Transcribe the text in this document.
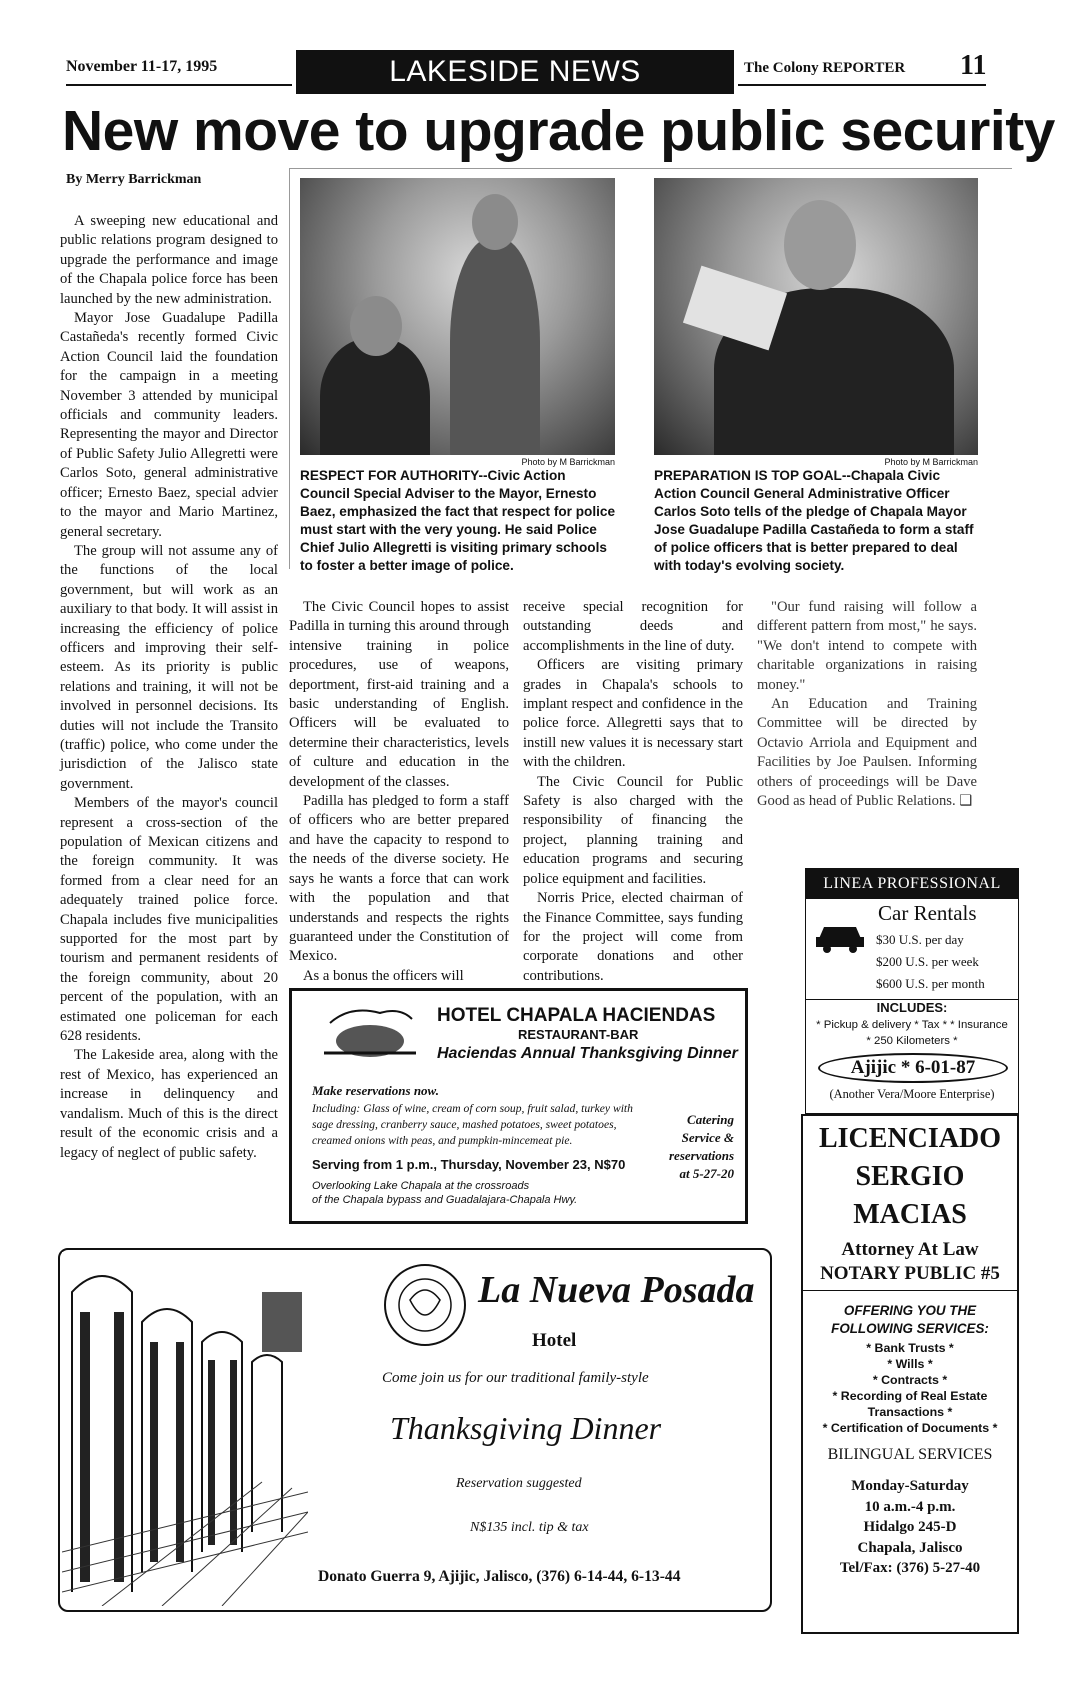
November 11-17, 1995	LAKESIDE NEWS	The Colony REPORTER 11
New move to upgrade public security
By Merry Barrickman

A sweeping new educational and public relations program designed to upgrade the performance and image of the Chapala police force has been launched by the new administration.

Mayor Jose Guadalupe Padilla Castañeda's recently formed Civic Action Council laid the foundation for the campaign in a meeting November 3 attended by municipal officials and community leaders. Representing the mayor and Director of Public Safety Julio Allegretti were Carlos Soto, general administrative officer; Ernesto Baez, special advier to the mayor and Mario Martinez, general secretary.

The group will not assume any of the functions of the local government, but will work as an auxiliary to that body. It will assist in increasing the efficiency of police officers and improving their self-esteem. As its priority is public relations and training, it will not be involved in personnel decisions. Its duties will not include the Transito (traffic) police, who come under the jurisdiction of the Jalisco state government.

Members of the mayor's council represent a cross-section of the population of Mexican citizens and the foreign community. It was formed from a clear need for an adequately trained police force. Chapala includes five municipalities supported for the most part by tourism and permanent residents of the foreign community, about 20 percent of the population, with an estimated one policeman for each 628 residents.

The Lakeside area, along with the rest of Mexico, has experienced an increase in delinquency and vandalism. Much of this is the direct result of the economic crisis and a legacy of neglect of public safety.

Photo by M Barrickman
RESPECT FOR AUTHORITY--Civic Action Council Special Adviser to the Mayor, Ernesto Baez, emphasized the fact that respect for police must start with the very young. He said Police Chief Julio Allegretti is visiting primary schools to foster a better image of police.
Photo by M Barrickman
PREPARATION IS TOP GOAL--Chapala Civic Action Council General Administrative Officer Carlos Soto tells of the pledge of Chapala Mayor Jose Guadalupe Padilla Castañeda to form a staff of police officers that is better prepared to deal with today's evolving society.

The Civic Council hopes to assist Padilla in turning this around through intensive training in police procedures, use of weapons, deportment, first-aid training and a basic understanding of English. Officers will be evaluated to determine their characteristics, levels of culture and education in the development of the classes.

Padilla has pledged to form a staff of officers who are better prepared and have the capacity to respond to the needs of the diverse society. He says he wants a force that can work with the population and that understands and respects the rights guaranteed under the Constitution of Mexico.

As a bonus the officers will

receive special recognition for outstanding deeds and accomplishments in the line of duty.

Officers are visiting primary grades in Chapala's schools to implant respect and confidence in the police force. Allegretti says that to instill new values it is necessary start with the children.

The Civic Council for Public Safety is also charged with the responsibility of financing the project, planning training and education programs and securing police equipment and facilities.

Norris Price, elected chairman of the Finance Committee, says funding for the project will come from corporate donations and other contributions.

"Our fund raising will follow a different pattern from most," he says. "We don't intend to compete with charitable organizations in raising money."

An Education and Training Committee will be directed by Octavio Arriola and Equipment and Facilities by Joe Paulsen. Informing others of proceedings will be Dave Good as head of Public Relations. ❑

HOTEL CHAPALA HACIENDAS
RESTAURANT-BAR
Haciendas Annual Thanksgiving Dinner
Make reservations now.
Including: Glass of wine, cream of corn soup, fruit salad, turkey with sage dressing, cranberry sauce, mashed potatoes, sweet potatoes, creamed onions with peas, and pumpkin-mincemeat pie.
Serving from 1 p.m., Thursday, November 23, N$70
Overlooking Lake Chapala at the crossroads
of the Chapala bypass and Guadalajara-Chapala Hwy.
Catering Service & reservations at 5-27-20
LINEA PROFESSIONAL
Car Rentals
$30 U.S. per day
$200 U.S. per week
$600 U.S. per month
INCLUDES:
* Pickup & delivery * Tax * * Insurance * 250 Kilometers *
Ajijic * 6-01-87
(Another Vera/Moore Enterprise)
LICENCIADO
SERGIO
MACIAS
Attorney At Law
NOTARY PUBLIC #5
OFFERING YOU THE FOLLOWING SERVICES:
* Bank Trusts *
* Wills *
* Contracts *
* Recording of Real Estate Transactions *
* Certification of Documents *
BILINGUAL SERVICES
Monday-Saturday
10 a.m.-4 p.m.
Hidalgo 245-D
Chapala, Jalisco
Tel/Fax: (376) 5-27-40
La Nueva Posada
Hotel
Come join us for our traditional family-style
Thanksgiving Dinner
Reservation suggested
N$135 incl. tip & tax
Donato Guerra 9, Ajijic, Jalisco, (376) 6-14-44, 6-13-44
